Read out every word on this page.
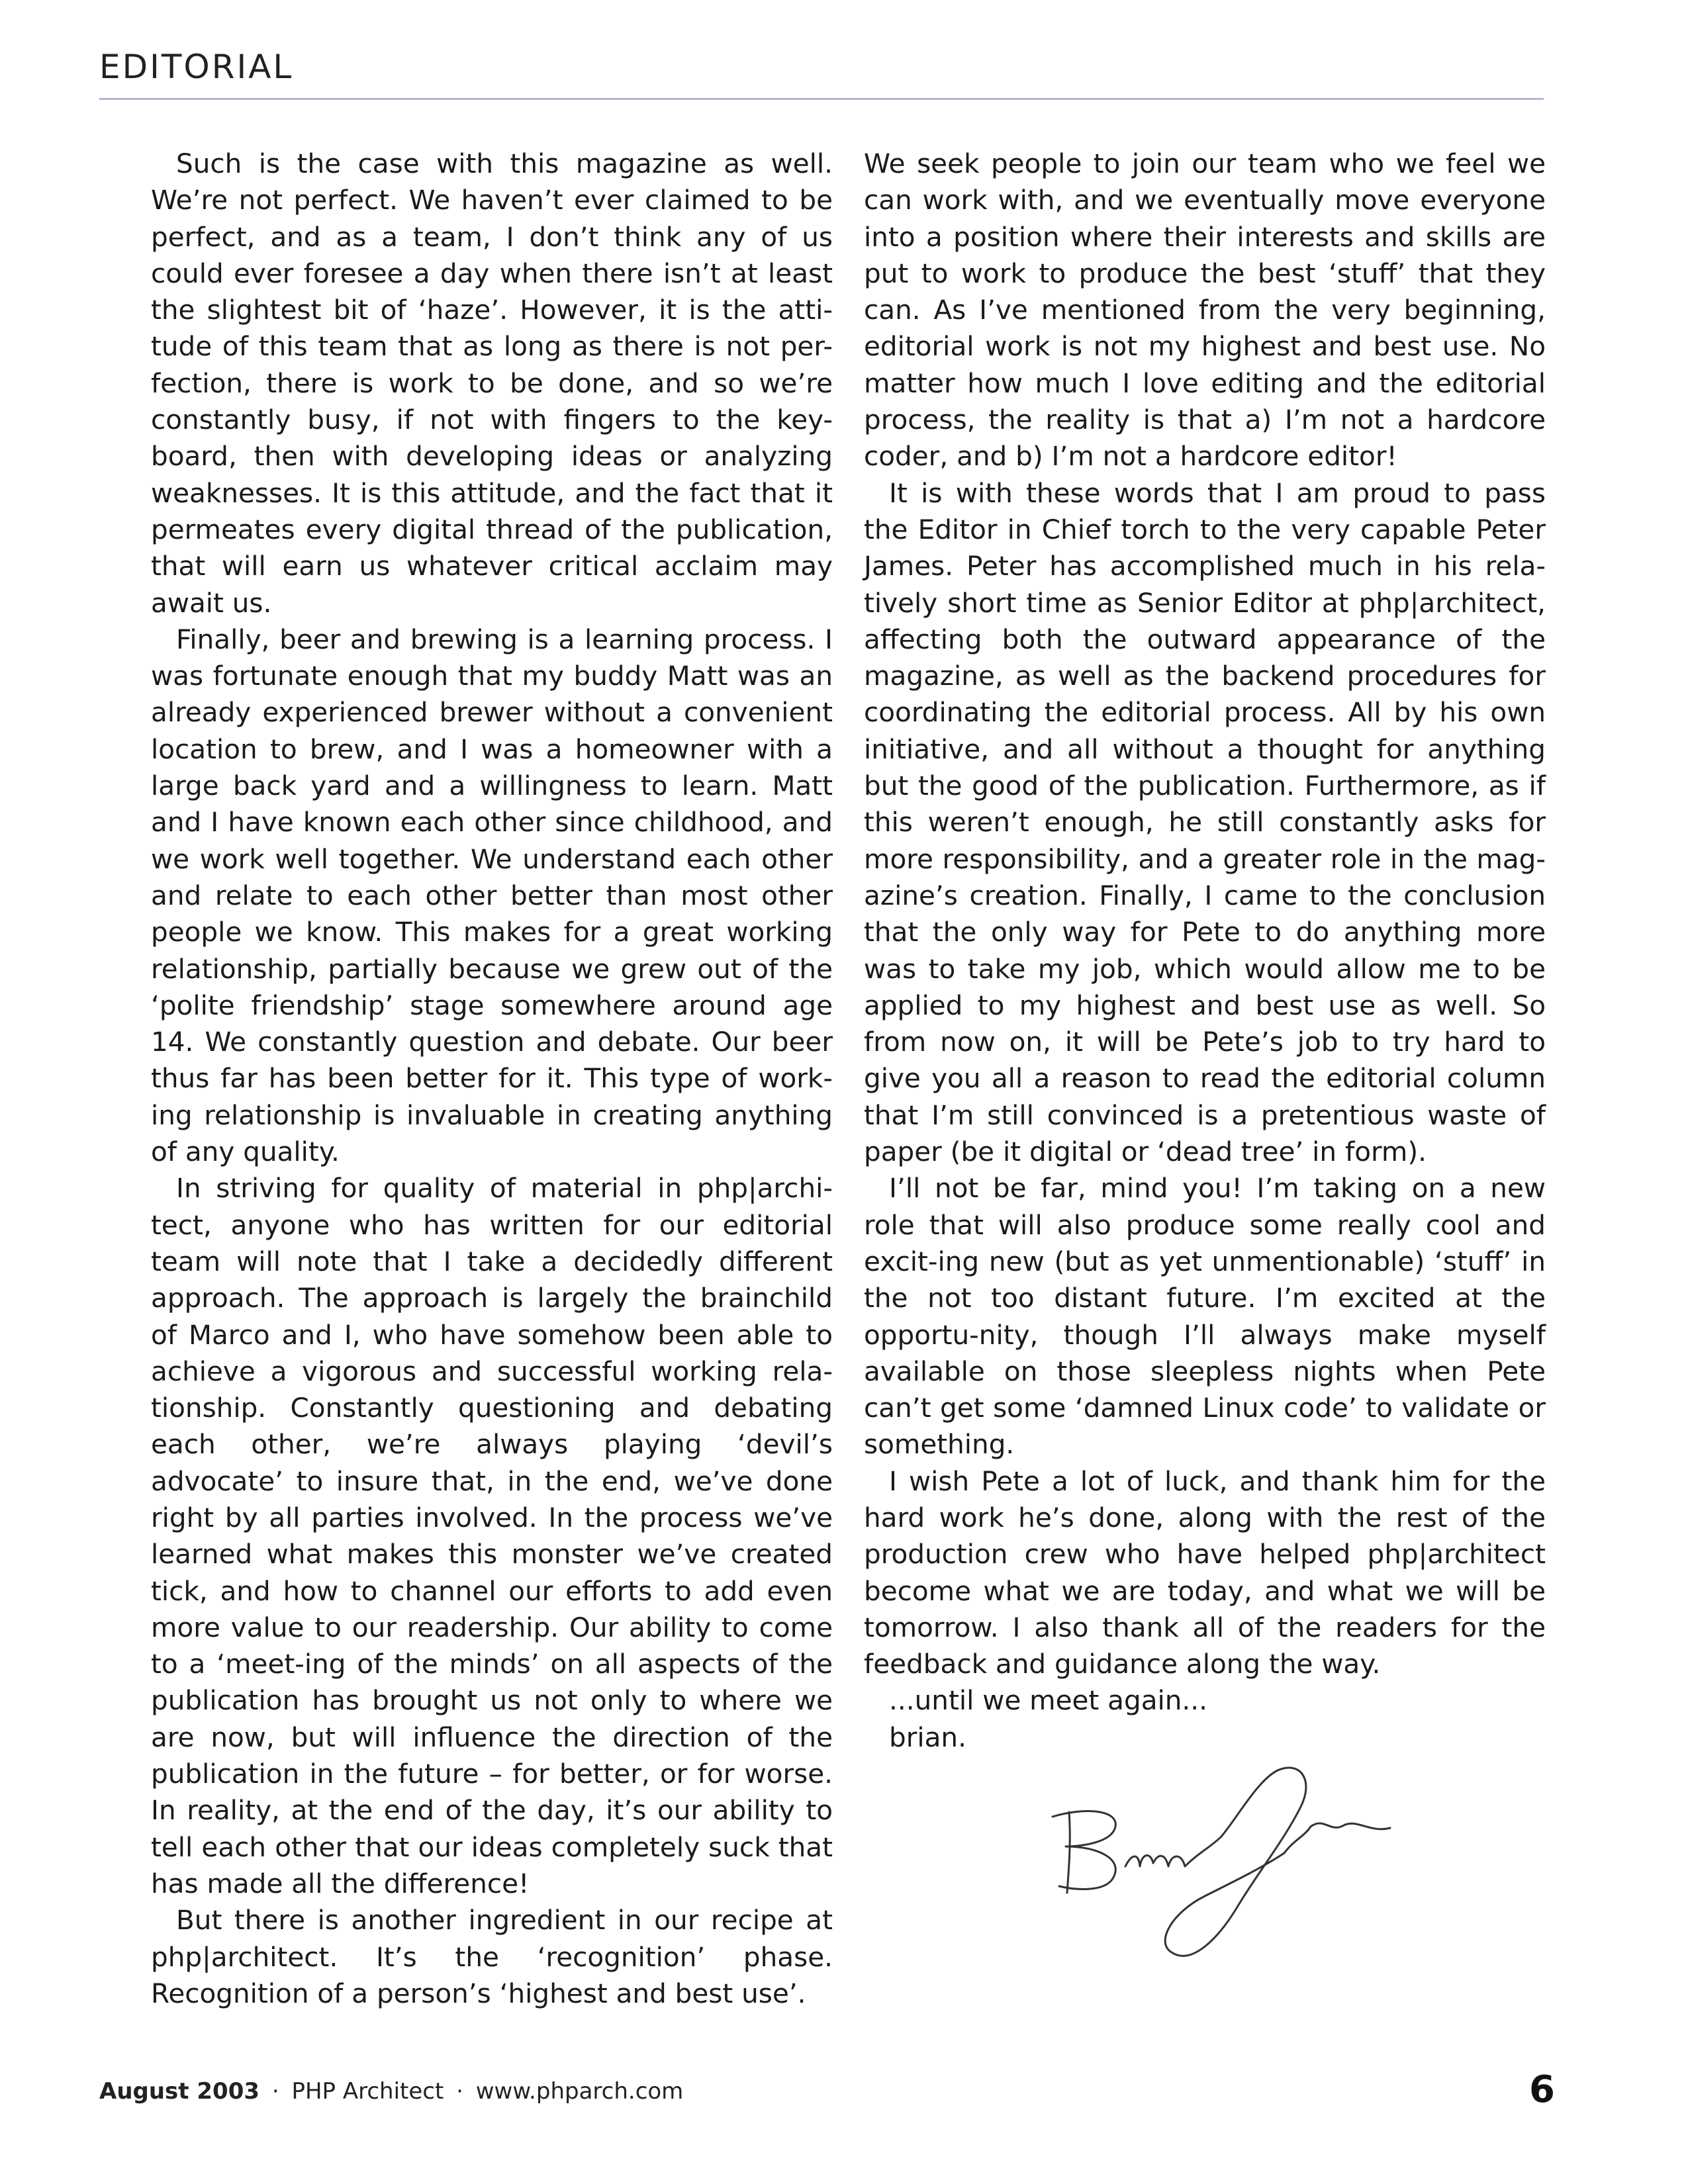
EDITORIAL

Such is the case with this magazine as well. We’re not perfect. We haven’t ever claimed to be perfect, and as a team, I don’t think any of us could ever foresee a day when there isn’t at least the slightest bit of ‘haze’. However, it is the atti-tude of this team that as long as there is not per-fection, there is work to be done, and so we’re constantly busy, if not with fingers to the key-board, then with developing ideas or analyzing weaknesses. It is this attitude, and the fact that it permeates every digital thread of the publication, that will earn us whatever critical acclaim may await us.

Finally, beer and brewing is a learning process. I was fortunate enough that my buddy Matt was an already experienced brewer without a convenient location to brew, and I was a homeowner with a large back yard and a willingness to learn. Matt and I have known each other since childhood, and we work well together. We understand each other and relate to each other better than most other people we know. This makes for a great working relationship, partially because we grew out of the ‘polite friendship’ stage somewhere around age 14. We constantly question and debate. Our beer thus far has been better for it. This type of work-ing relationship is invaluable in creating anything of any quality.

In striving for quality of material in php|archi-tect, anyone who has written for our editorial team will note that I take a decidedly different approach. The approach is largely the brainchild of Marco and I, who have somehow been able to achieve a vigorous and successful working rela-tionship. Constantly questioning and debating each other, we’re always playing ‘devil’s advocate’ to insure that, in the end, we’ve done right by all parties involved. In the process we’ve learned what makes this monster we’ve created tick, and how to channel our efforts to add even more value to our readership. Our ability to come to a ‘meet-ing of the minds’ on all aspects of the publication has brought us not only to where we are now, but will influence the direction of the publication in the future – for better, or for worse. In reality, at the end of the day, it’s our ability to tell each other that our ideas completely suck that has made all the difference!

But there is another ingredient in our recipe at php|architect. It’s the ‘recognition’ phase. Recognition of a person’s ‘highest and best use’.

We seek people to join our team who we feel we can work with, and we eventually move everyone into a position where their interests and skills are put to work to produce the best ‘stuff’ that they can. As I’ve mentioned from the very beginning, editorial work is not my highest and best use. No matter how much I love editing and the editorial process, the reality is that a) I’m not a hardcore coder, and b) I’m not a hardcore editor!

It is with these words that I am proud to pass the Editor in Chief torch to the very capable Peter James. Peter has accomplished much in his rela-tively short time as Senior Editor at php|architect, affecting both the outward appearance of the magazine, as well as the backend procedures for coordinating the editorial process. All by his own initiative, and all without a thought for anything but the good of the publication. Furthermore, as if this weren’t enough, he still constantly asks for more responsibility, and a greater role in the mag-azine’s creation. Finally, I came to the conclusion that the only way for Pete to do anything more was to take my job, which would allow me to be applied to my highest and best use as well. So from now on, it will be Pete’s job to try hard to give you all a reason to read the editorial column that I’m still convinced is a pretentious waste of paper (be it digital or ‘dead tree’ in form).

I’ll not be far, mind you! I’m taking on a new role that will also produce some really cool and excit-ing new (but as yet unmentionable) ‘stuff’ in the not too distant future. I’m excited at the opportu-nity, though I’ll always make myself available on those sleepless nights when Pete can’t get some ‘damned Linux code’ to validate or something.

I wish Pete a lot of luck, and thank him for the hard work he’s done, along with the rest of the production crew who have helped php|architect become what we are today, and what we will be tomorrow. I also thank all of the readers for the feedback and guidance along the way.

...until we meet again...

brian.

August 2003 · PHP Architect · www.phparch.com	6
